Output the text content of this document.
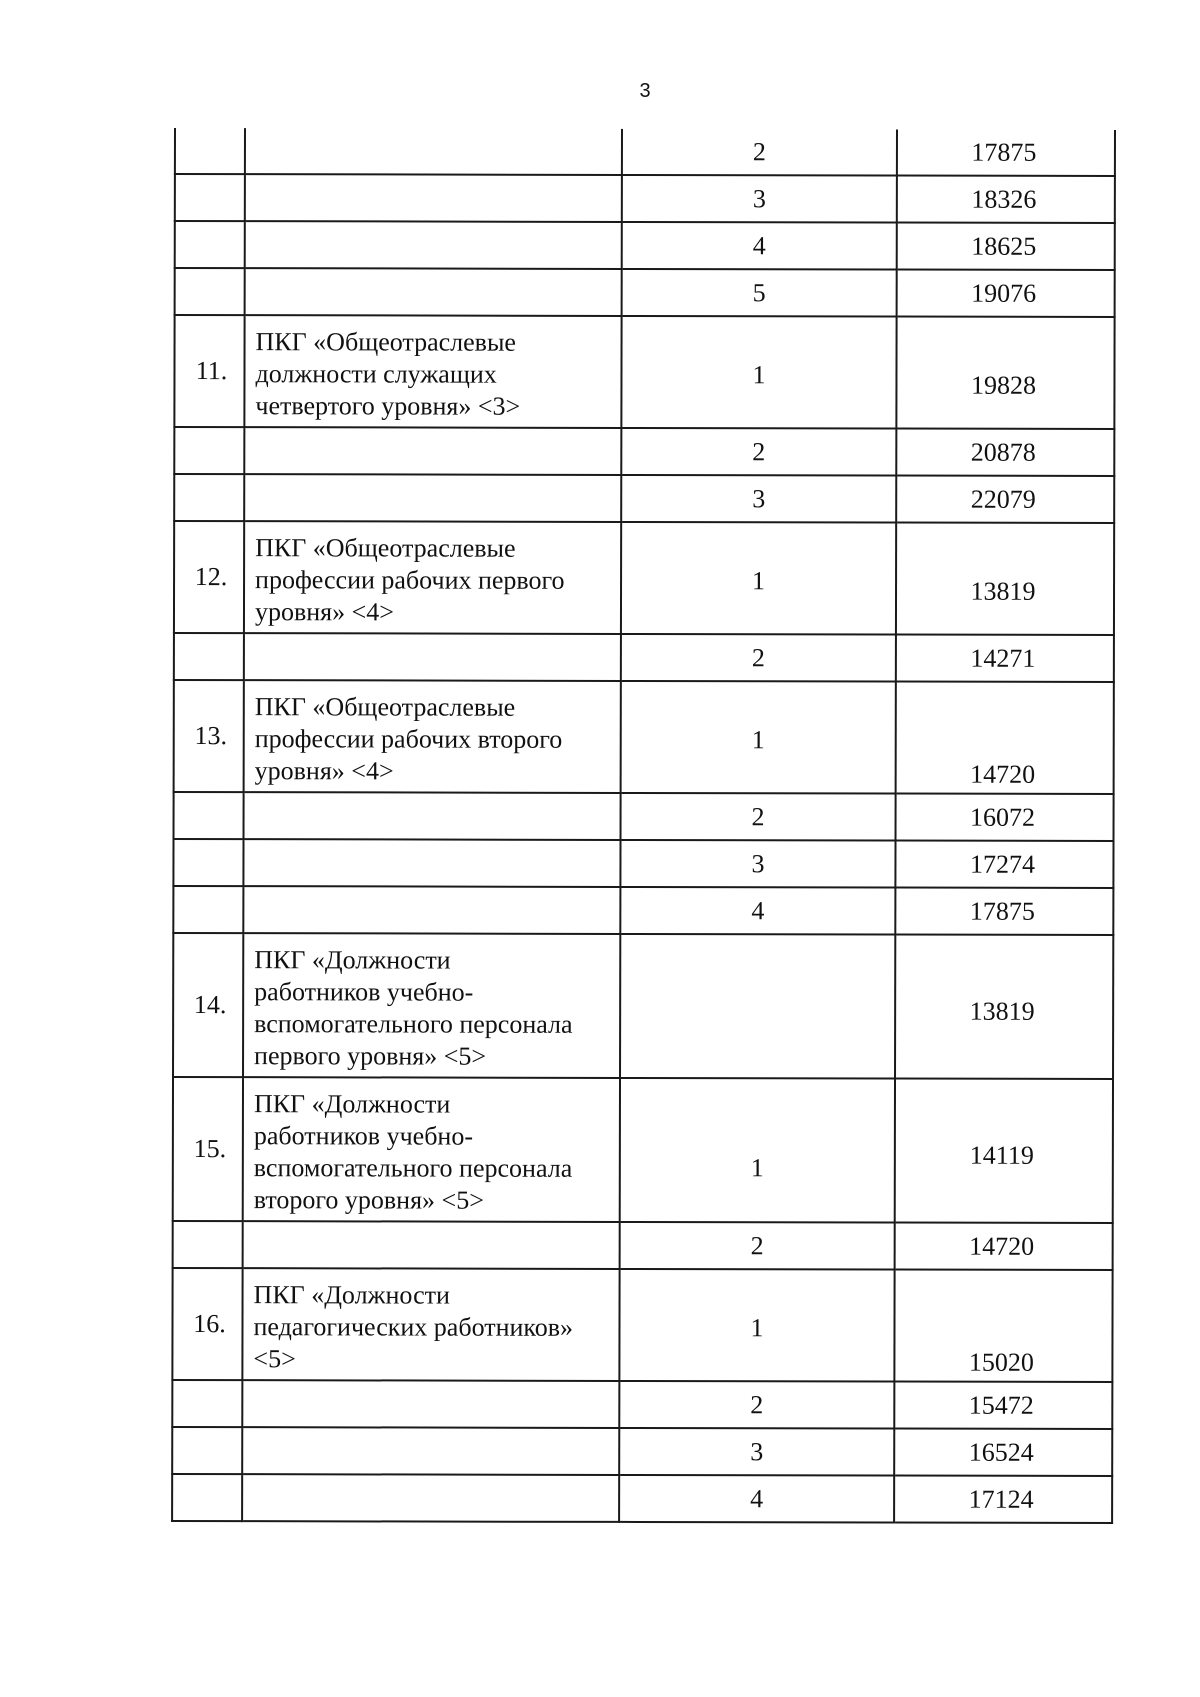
3
		2	17875
		3	18326
		4	18625
		5	19076
11.	ПКГ «Общеотраслевые
должности служащих
четвертого уровня» <3>	1	19828
		2	20878
		3	22079
12.	ПКГ «Общеотраслевые
профессии рабочих первого
уровня» <4>	1	13819
		2	14271
13.	ПКГ «Общеотраслевые
профессии рабочих второго
уровня» <4>	1	14720
		2	16072
		3	17274
		4	17875
14.	ПКГ «Должности
работников учебно-
вспомогательного персонала
первого уровня» <5>		13819
15.	ПКГ «Должности
работников учебно-
вспомогательного персонала
второго уровня» <5>	1	14119
		2	14720
16.	ПКГ «Должности
педагогических работников»
<5>	1	15020
		2	15472
		3	16524
		4	17124
